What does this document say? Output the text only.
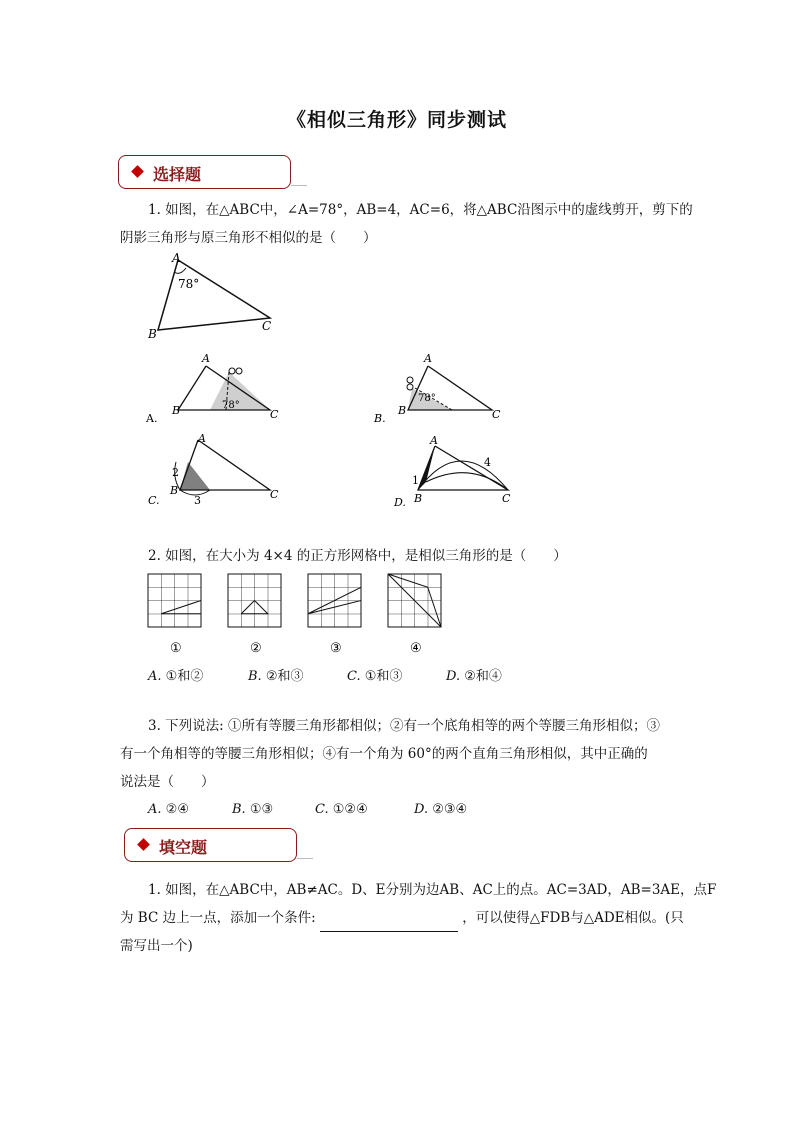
《相似三角形》同步测试
选择题
1. 如图，在△ABC中，∠A=78°，AB=4，AC=6，将△ABC沿图示中的虚线剪开，剪下的
阴影三角形与原三角形不相似的是（　　）
A
B
C
78°
A
B	C
78°
A.
A
B	C
78°
B.
A
B	C
2
3
C.
A
B	C
1
4
D.
2. 如图，在大小为 4×4 的正方形网格中，是相似三角形的是（　　）
①	②	③	④
A. ①和②	B. ②和③	C. ①和③	D. ②和④
3. 下列说法: ①所有等腰三角形都相似；②有一个底角相等的两个等腰三角形相似；③
有一个角相等的等腰三角形相似；④有一个角为 60°的两个直角三角形相似，其中正确的
说法是（　　）
A. ②④	B. ①③	C. ①②④	D. ②③④
填空题
1. 如图，在△ABC中，AB≠AC。D、E分别为边AB、AC上的点。AC=3AD，AB=3AE，点F
为 BC 边上一点，添加一个条件:	，可以使得△FDB与△ADE相似。(只
需写出一个)
